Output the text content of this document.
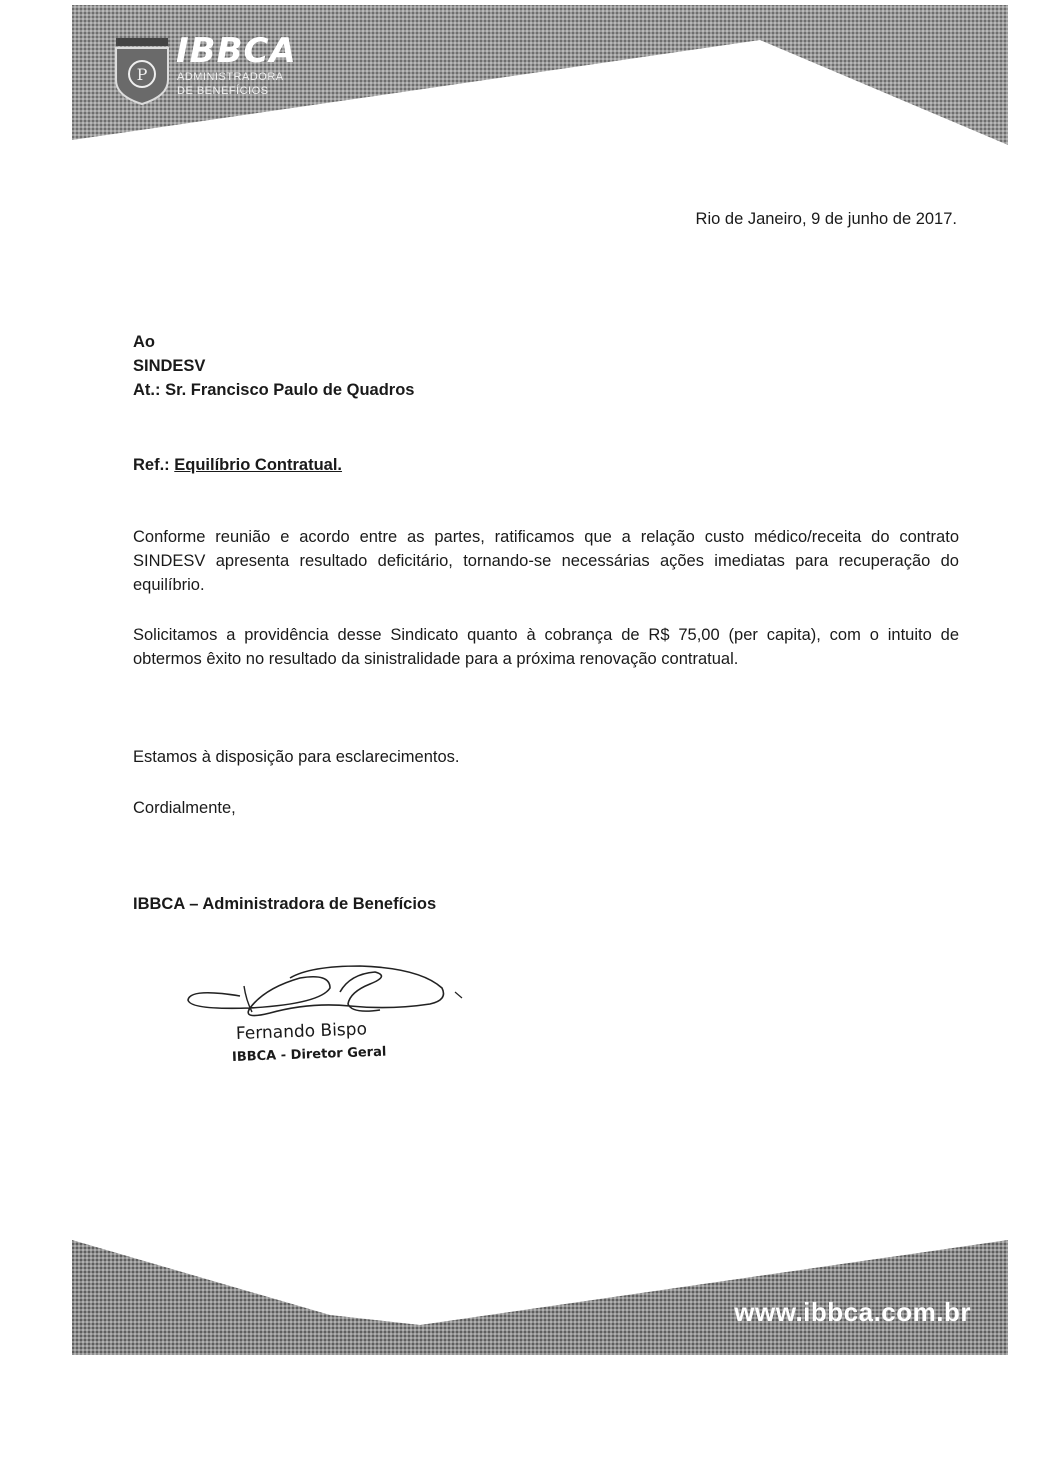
P
IBBCA
ADMINISTRADORA
DE BENEFÍCIOS
Rio de Janeiro, 9 de junho de 2017.
Ao
SINDESV
At.: Sr. Francisco Paulo de Quadros
Ref.: Equilíbrio Contratual.
Conforme reunião e acordo entre as partes, ratificamos que a relação custo médico/receita do contrato SINDESV apresenta resultado deficitário, tornando-se necessárias ações imediatas para recuperação do equilíbrio.
Solicitamos a providência desse Sindicato quanto à cobrança de R$ 75,00 (per capita), com o intuito de obtermos êxito no resultado da sinistralidade para a próxima renovação contratual.
Estamos à disposição para esclarecimentos.
Cordialmente,
IBBCA – Administradora de Benefícios
Fernando Bispo
IBBCA - Diretor Geral
www.ibbca.com.br
